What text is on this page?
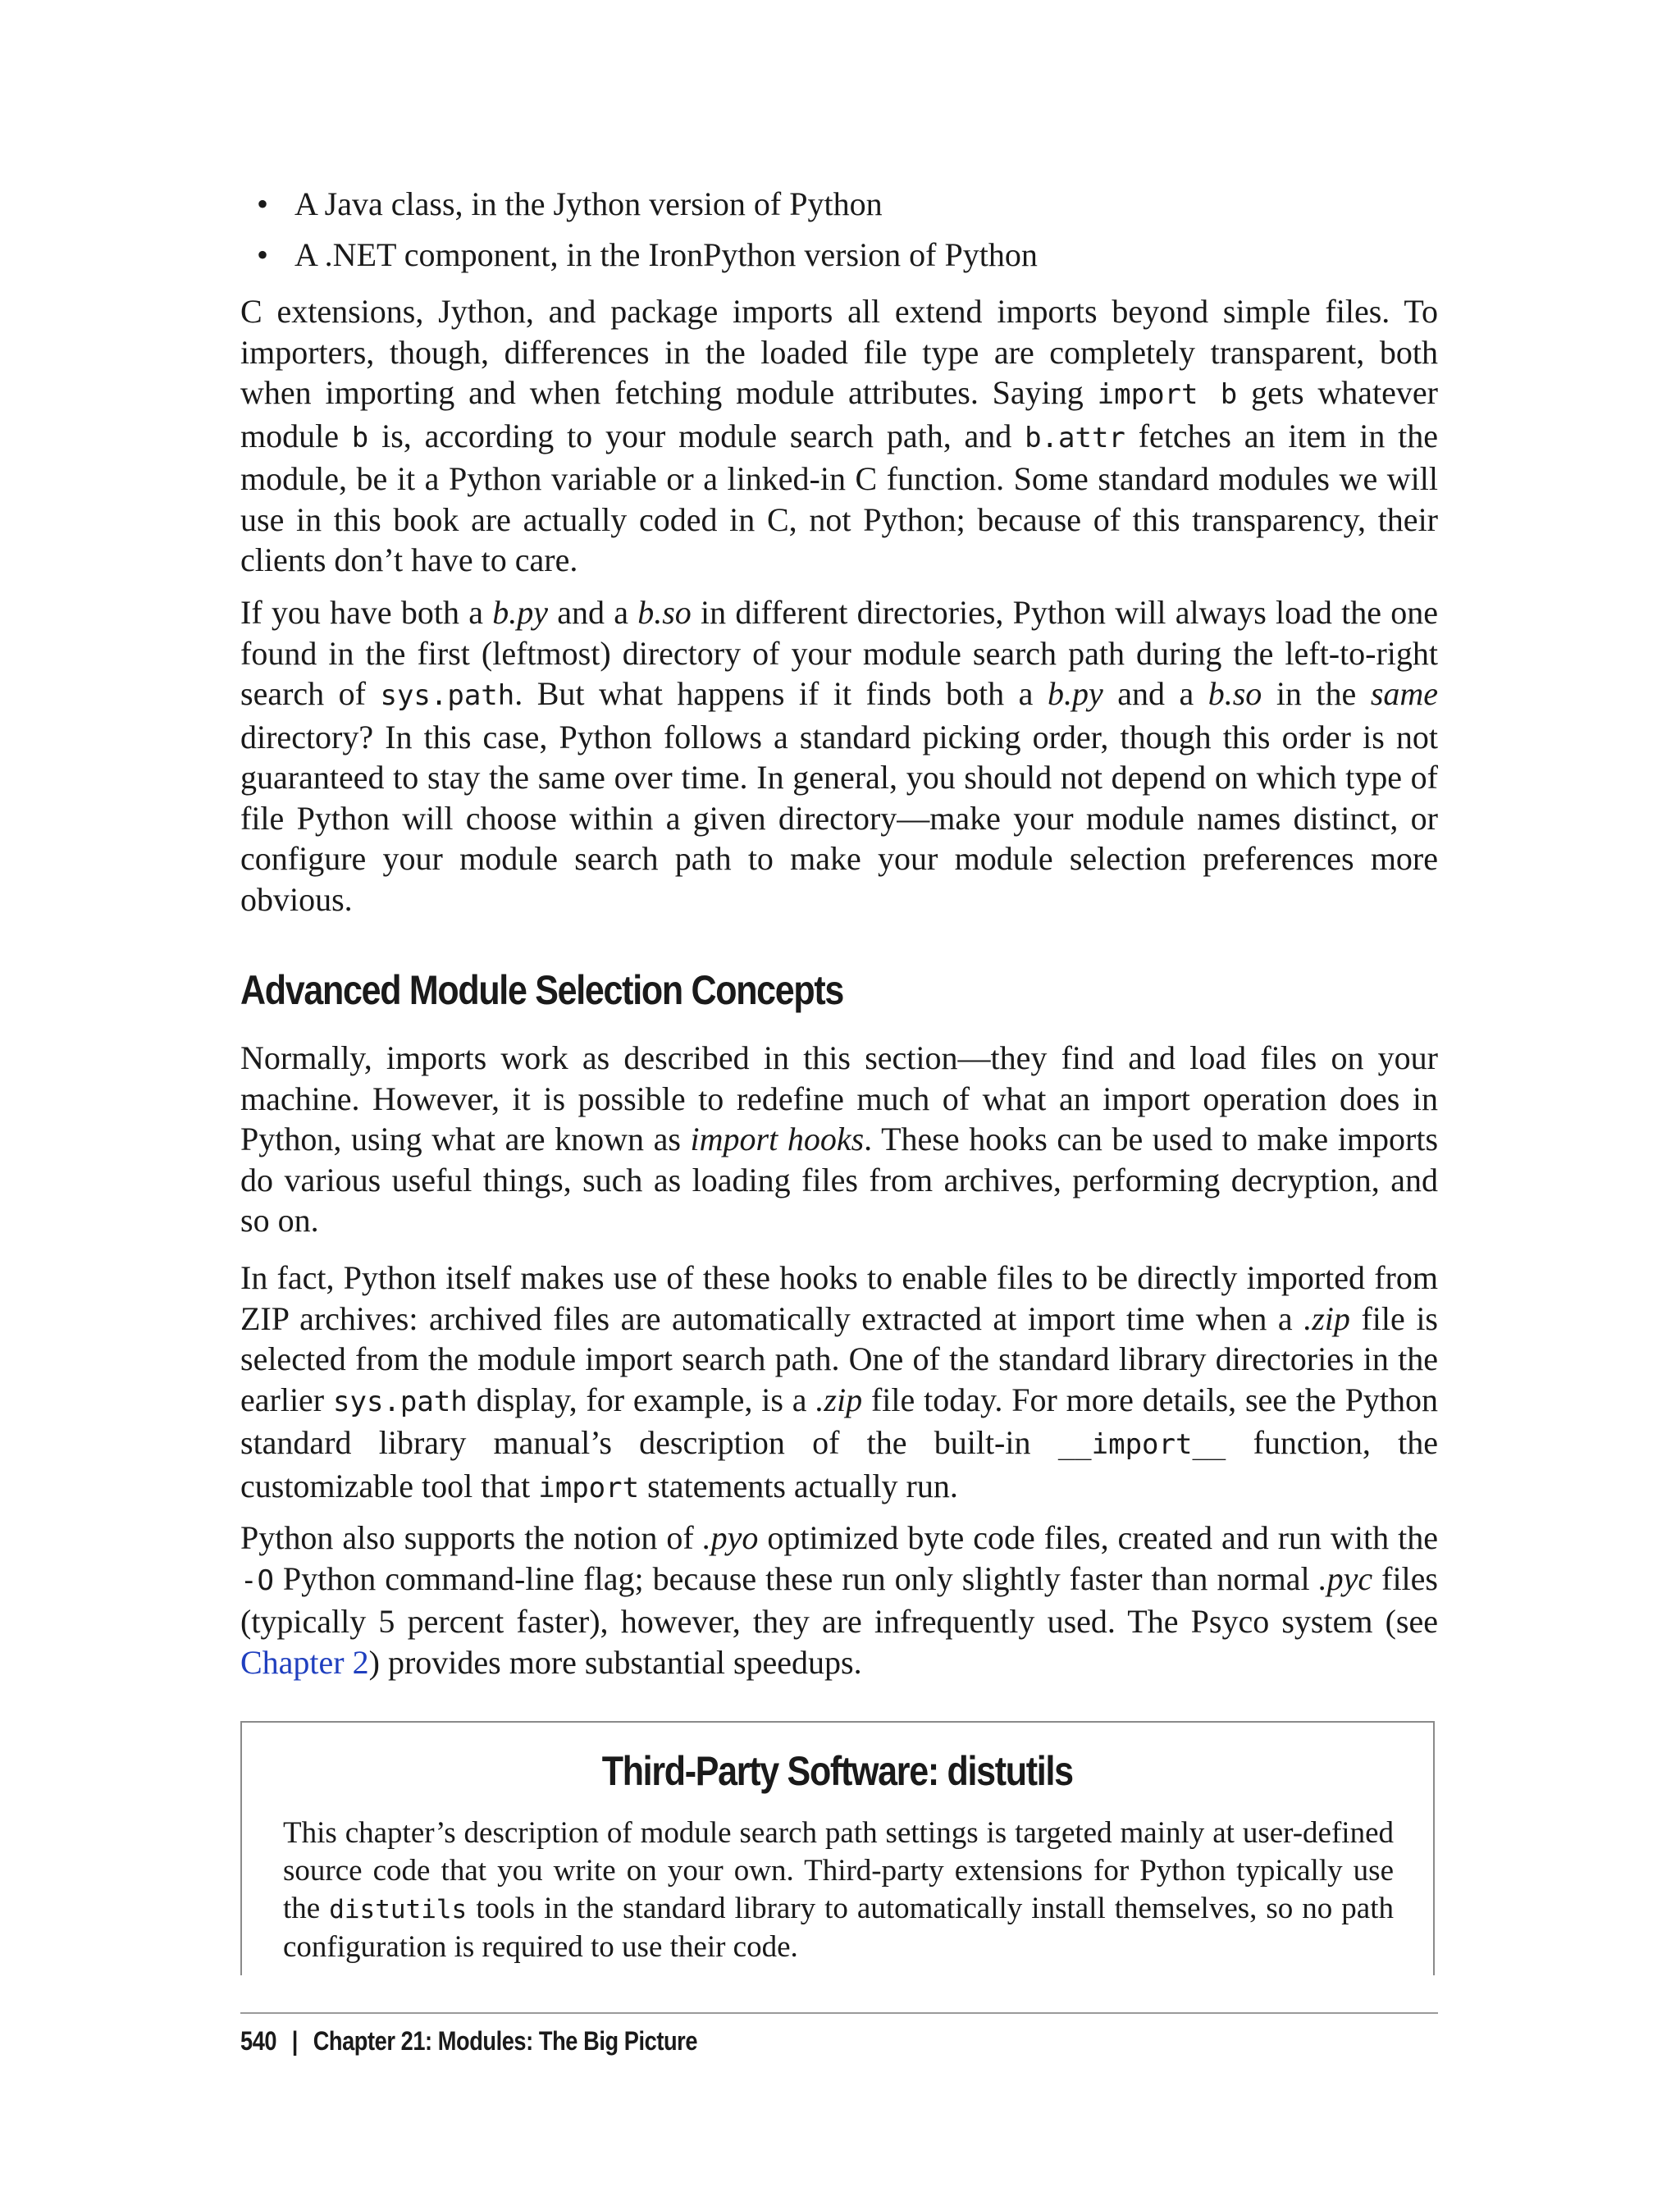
• A Java class, in the Jython version of Python
• A .NET component, in the IronPython version of Python

C extensions, Jython, and package imports all extend imports beyond simple files. To importers, though, differences in the loaded file type are completely transparent, both when importing and when fetching module attributes. Saying import b gets whatever module b is, according to your module search path, and b.attr fetches an item in the module, be it a Python variable or a linked-in C function. Some standard modules we will use in this book are actually coded in C, not Python; because of this transparency, their clients don’t have to care.

If you have both a b.py and a b.so in different directories, Python will always load the one found in the first (leftmost) directory of your module search path during the left-to-right search of sys.path. But what happens if it finds both a b.py and a b.so in the same directory? In this case, Python follows a standard picking order, though this order is not guaranteed to stay the same over time. In general, you should not depend on which type of file Python will choose within a given directory—make your module names distinct, or configure your module search path to make your module selection preferences more obvious.

Advanced Module Selection Concepts

Normally, imports work as described in this section—they find and load files on your machine. However, it is possible to redefine much of what an import operation does in Python, using what are known as import hooks. These hooks can be used to make imports do various useful things, such as loading files from archives, performing decryption, and so on.

In fact, Python itself makes use of these hooks to enable files to be directly imported from ZIP archives: archived files are automatically extracted at import time when a .zip file is selected from the module import search path. One of the standard library directories in the earlier sys.path display, for example, is a .zip file today. For more details, see the Python standard library manual’s description of the built-in __import__ function, the customizable tool that import statements actually run.

Python also supports the notion of .pyo optimized byte code files, created and run with the -O Python command-line flag; because these run only slightly faster than normal .pyc files (typically 5 percent faster), however, they are infrequently used. The Psyco system (see Chapter 2) provides more substantial speedups.

Third-Party Software: distutils

This chapter’s description of module search path settings is targeted mainly at user-defined source code that you write on your own. Third-party extensions for Python typically use the distutils tools in the standard library to automatically install themselves, so no path configuration is required to use their code.

540 | Chapter 21: Modules: The Big Picture
